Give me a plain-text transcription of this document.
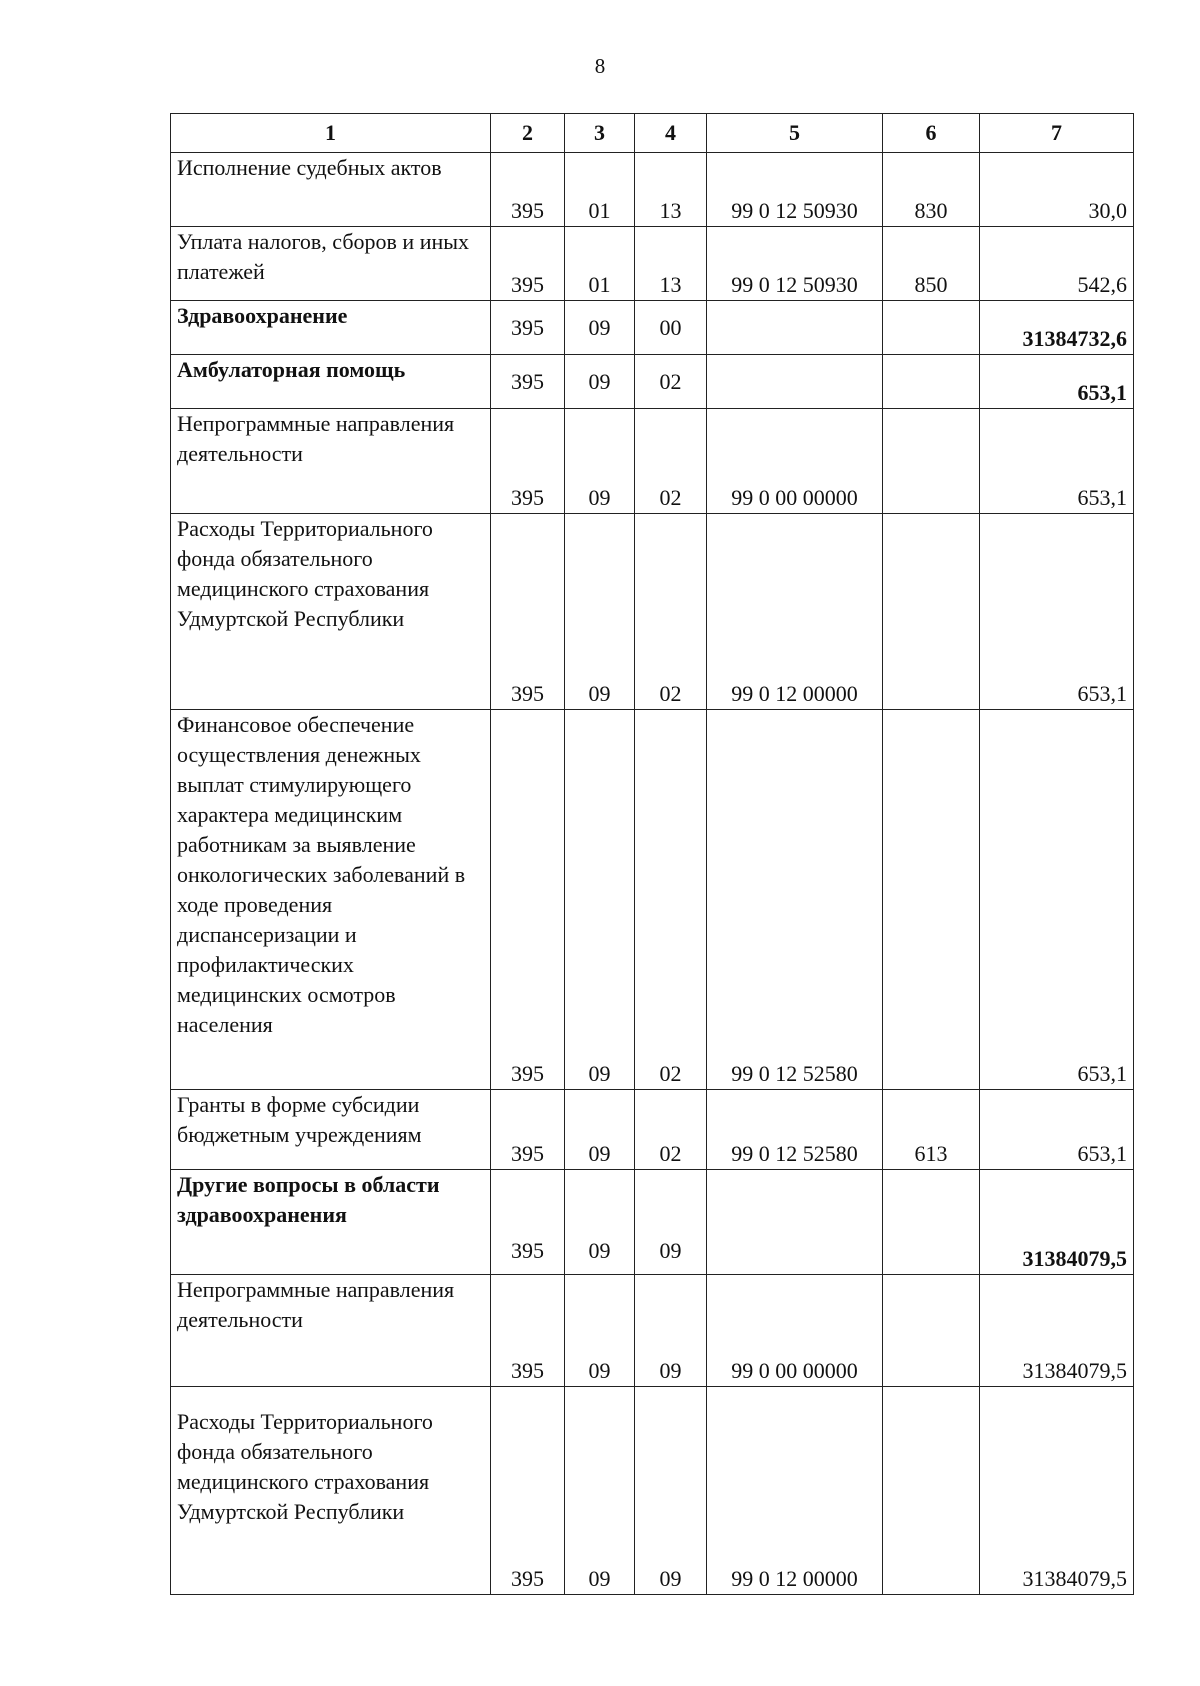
8
1	2	3	4	5	6	7
Исполнение судебных актов	395	01	13	99 0 12 50930	830	30,0
Уплата налогов, сборов и иных платежей	395	01	13	99 0 12 50930	850	542,6
Здравоохранение	395	09	00			31384732,6
Амбулаторная помощь	395	09	02			653,1
Непрограммные направления деятельности	395	09	02	99 0 00 00000		653,1
Расходы Территориального фонда обязательного медицинского страхования Удмуртской Республики	395	09	02	99 0 12 00000		653,1
Финансовое обеспечение осуществления денежных выплат стимулирующего характера медицинским работникам за выявление онкологических заболеваний в ходе проведения диспансеризации и профилактических медицинских осмотров населения	395	09	02	99 0 12 52580		653,1
Гранты в форме субсидии бюджетным учреждениям	395	09	02	99 0 12 52580	613	653,1
Другие вопросы в области здравоохранения	395	09	09			31384079,5
Непрограммные направления деятельности	395	09	09	99 0 00 00000		31384079,5
Расходы Территориального фонда обязательного медицинского страхования Удмуртской Республики	395	09	09	99 0 12 00000		31384079,5
